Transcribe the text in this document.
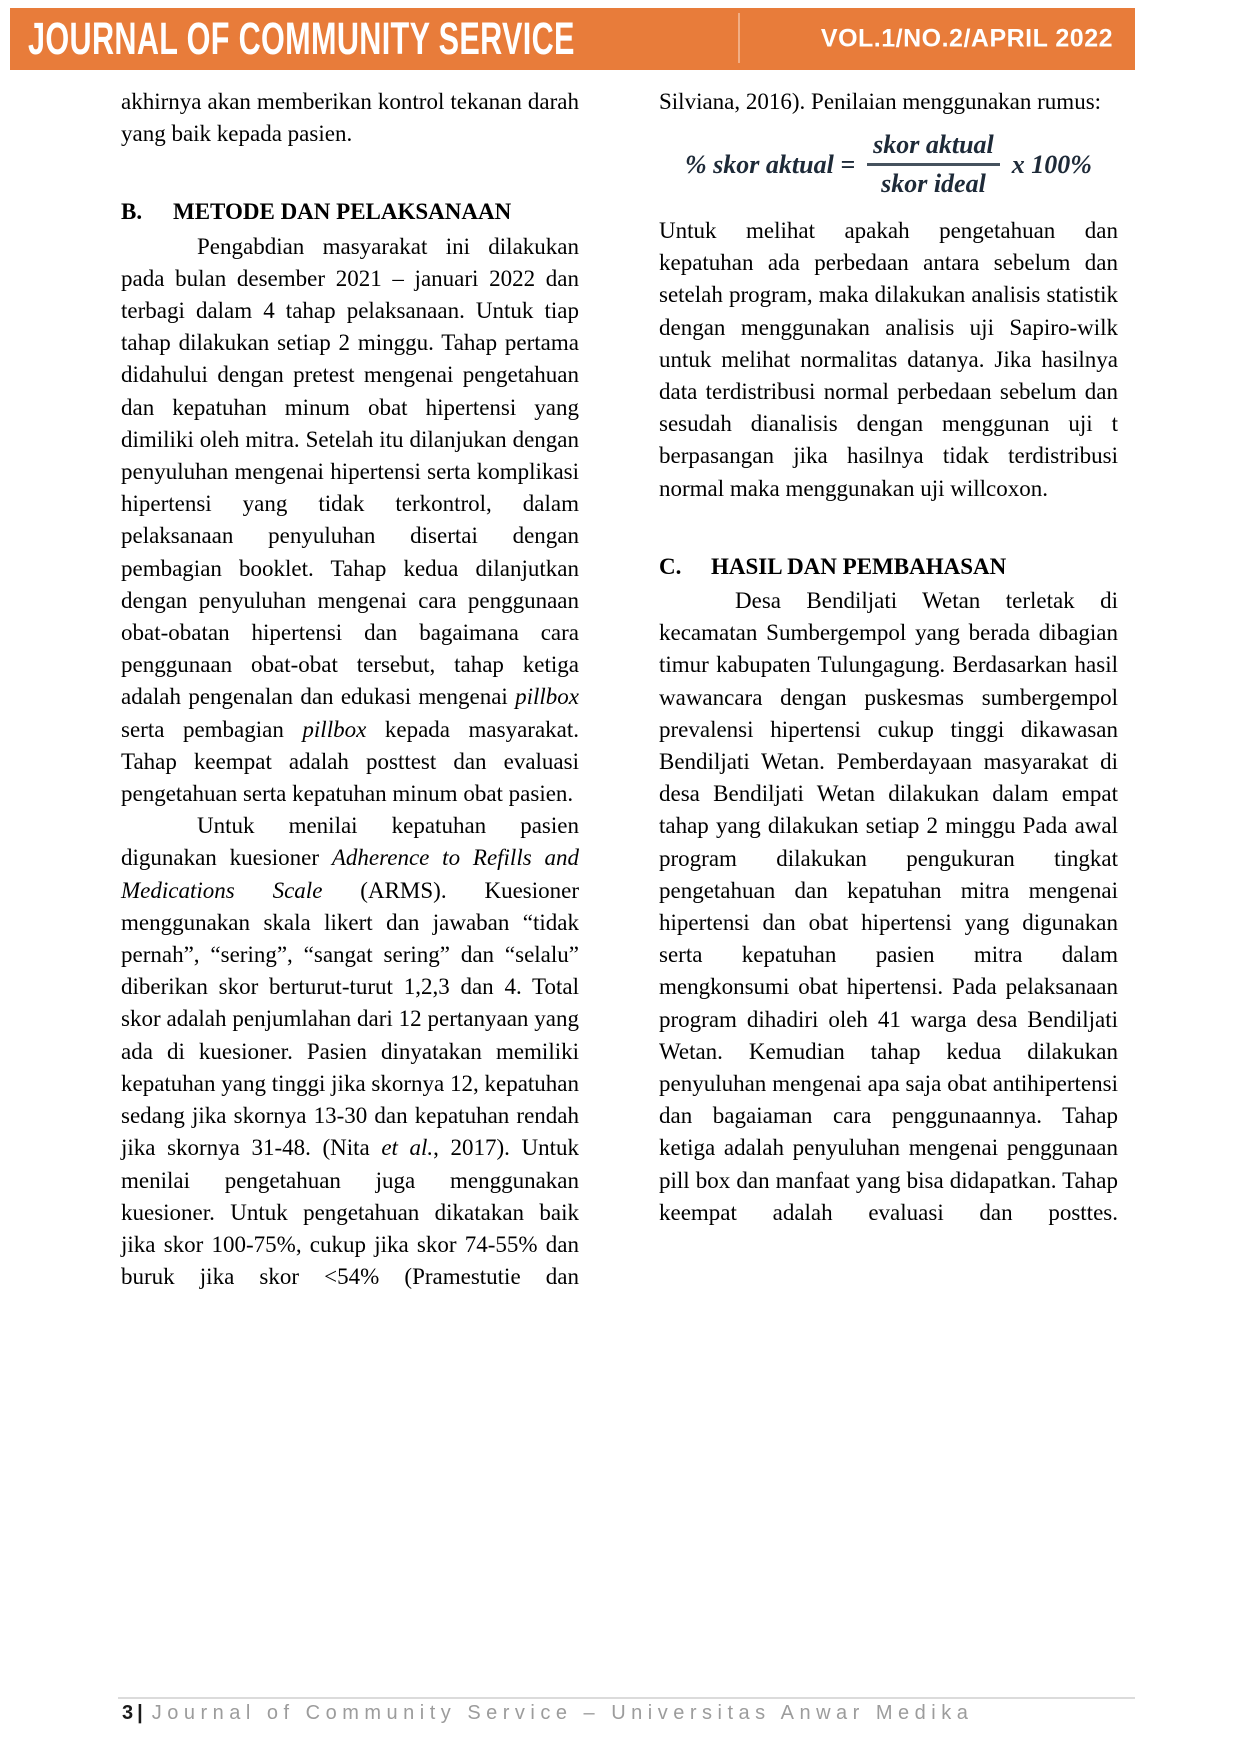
JOURNAL OF COMMUNITY SERVICE	VOL.1/NO.2/APRIL 2022

akhirnya akan memberikan kontrol tekanan darah yang baik kepada pasien.

B.	METODE DAN PELAKSANAAN

Pengabdian masyarakat ini dilakukan pada bulan desember 2021 – januari 2022 dan terbagi dalam 4 tahap pelaksanaan. Untuk tiap tahap dilakukan setiap 2 minggu. Tahap pertama didahului dengan pretest mengenai pengetahuan dan kepatuhan minum obat hipertensi yang dimiliki oleh mitra. Setelah itu dilanjukan dengan penyuluhan mengenai hipertensi serta komplikasi hipertensi yang tidak terkontrol, dalam pelaksanaan penyuluhan disertai dengan pembagian booklet. Tahap kedua dilanjutkan dengan penyuluhan mengenai cara penggunaan obat-obatan hipertensi dan bagaimana cara penggunaan obat-obat tersebut, tahap ketiga adalah pengenalan dan edukasi mengenai pillbox serta pembagian pillbox kepada masyarakat. Tahap keempat adalah posttest dan evaluasi pengetahuan serta kepatuhan minum obat pasien.

Untuk menilai kepatuhan pasien digunakan kuesioner Adherence to Refills and Medications Scale (ARMS). Kuesioner menggunakan skala likert dan jawaban “tidak pernah”, “sering”, “sangat sering” dan “selalu” diberikan skor berturut-turut 1,2,3 dan 4. Total skor adalah penjumlahan dari 12 pertanyaan yang ada di kuesioner. Pasien dinyatakan memiliki kepatuhan yang tinggi jika skornya 12, kepatuhan sedang jika skornya 13-30 dan kepatuhan rendah jika skornya 31-48. (Nita et al., 2017). Untuk menilai pengetahuan juga menggunakan kuesioner. Untuk pengetahuan dikatakan baik jika skor 100-75%, cukup jika skor 74-55% dan buruk jika skor <54% (Pramestutie dan

Silviana, 2016). Penilaian menggunakan rumus:

% skor aktual = $\frac{\text{skor aktual}}{\text{skor ideal}}$ x 100%

Untuk melihat apakah pengetahuan dan kepatuhan ada perbedaan antara sebelum dan setelah program, maka dilakukan analisis statistik dengan menggunakan analisis uji Sapiro-wilk untuk melihat normalitas datanya. Jika hasilnya data terdistribusi normal perbedaan sebelum dan sesudah dianalisis dengan menggunan uji t berpasangan jika hasilnya tidak terdistribusi normal maka menggunakan uji willcoxon.

C.	HASIL DAN PEMBAHASAN

Desa Bendiljati Wetan terletak di kecamatan Sumbergempol yang berada dibagian timur kabupaten Tulungagung. Berdasarkan hasil wawancara dengan puskesmas sumbergempol prevalensi hipertensi cukup tinggi dikawasan Bendiljati Wetan. Pemberdayaan masyarakat di desa Bendiljati Wetan dilakukan dalam empat tahap yang dilakukan setiap 2 minggu Pada awal program dilakukan pengukuran tingkat pengetahuan dan kepatuhan mitra mengenai hipertensi dan obat hipertensi yang digunakan serta kepatuhan pasien mitra dalam mengkonsumi obat hipertensi. Pada pelaksanaan program dihadiri oleh 41 warga desa Bendiljati Wetan. Kemudian tahap kedua dilakukan penyuluhan mengenai apa saja obat antihipertensi dan bagaiaman cara penggunaannya. Tahap ketiga adalah penyuluhan mengenai penggunaan pill box dan manfaat yang bisa didapatkan. Tahap keempat adalah evaluasi dan posttes.

3 | Journal of Community Service – Universitas Anwar Medika
